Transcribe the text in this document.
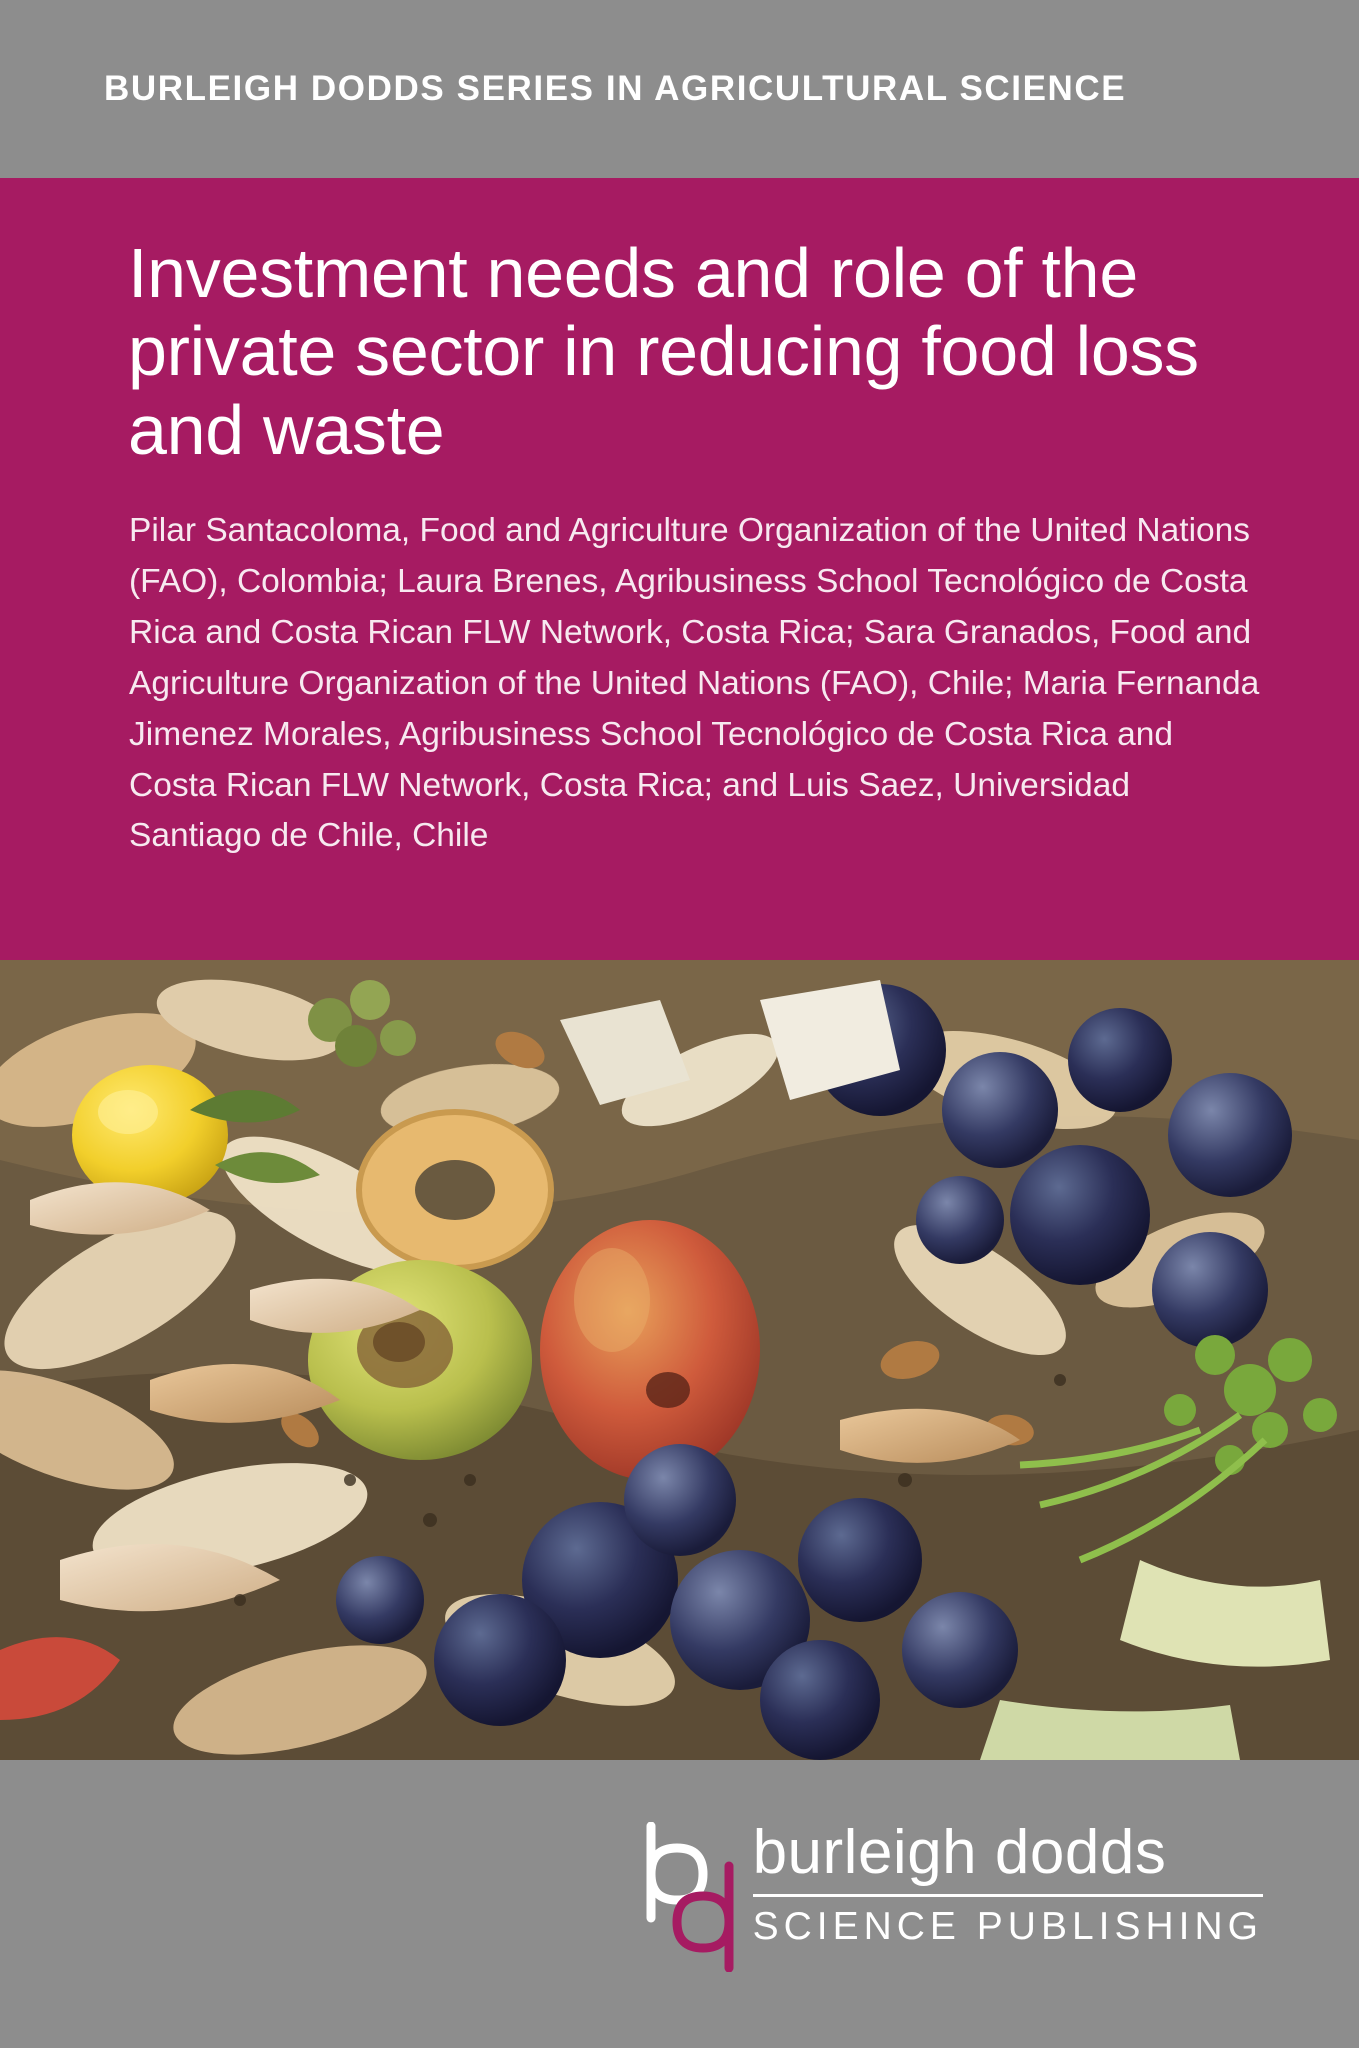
BURLEIGH DODDS SERIES IN AGRICULTURAL SCIENCE
Investment needs and role of the private sector in reducing food loss and waste
Pilar Santacoloma, Food and Agriculture Organization of the United Nations (FAO), Colombia; Laura Brenes, Agribusiness School Tecnológico de Costa Rica and Costa Rican FLW Network, Costa Rica; Sara Granados, Food and Agriculture Organization of the United Nations (FAO), Chile; Maria Fernanda Jimenez Morales, Agribusiness School Tecnológico de Costa Rica and Costa Rican FLW Network, Costa Rica; and Luis Saez, Universidad Santiago de Chile, Chile
burleigh dodds
SCIENCE PUBLISHING
